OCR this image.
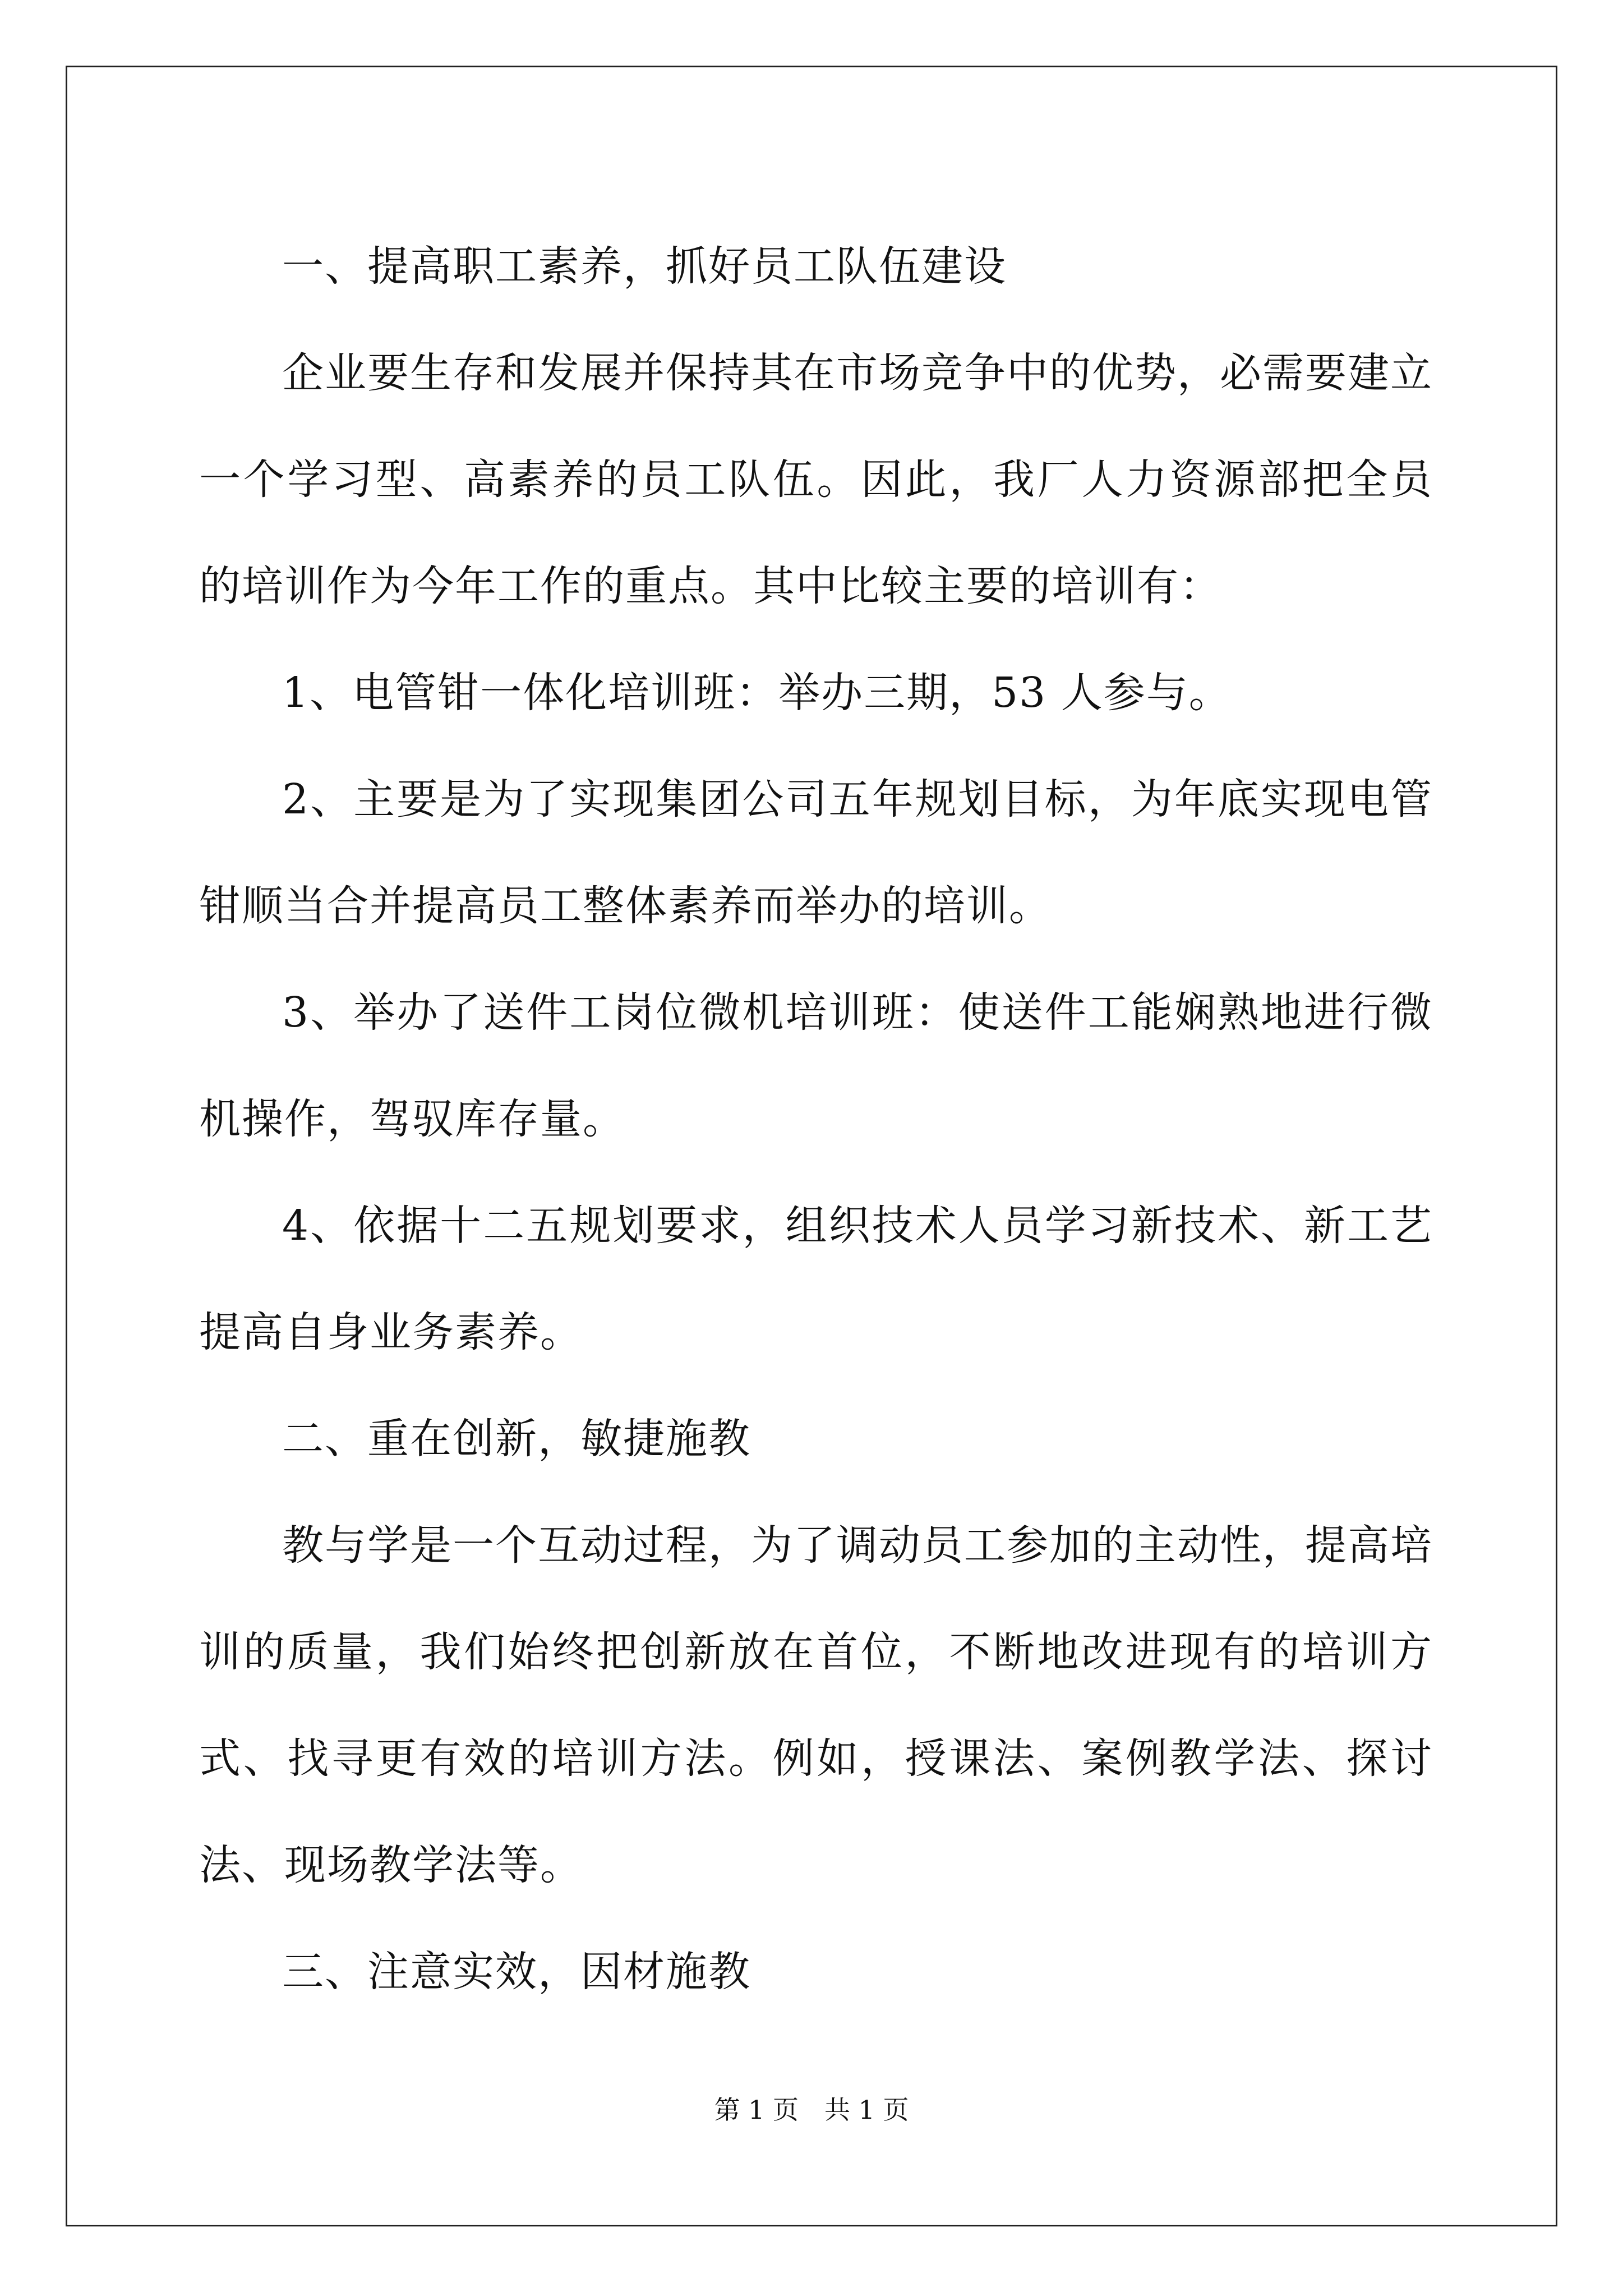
一、提高职工素养，抓好员工队伍建设

企业要生存和发展并保持其在市场竞争中的优势，必需要建立一个学习型、高素养的员工队伍。因此，我厂人力资源部把全员的培训作为今年工作的重点。其中比较主要的培训有：

1、电管钳一体化培训班：举办三期，53 人参与。

2、主要是为了实现集团公司五年规划目标，为年底实现电管钳顺当合并提高员工整体素养而举办的培训。

3、举办了送件工岗位微机培训班：使送件工能娴熟地进行微机操作，驾驭库存量。

4、依据十二五规划要求，组织技术人员学习新技术、新工艺提高自身业务素养。

二、重在创新，敏捷施教

教与学是一个互动过程，为了调动员工参加的主动性，提高培训的质量，我们始终把创新放在首位，不断地改进现有的培训方式、找寻更有效的培训方法。例如，授课法、案例教学法、探讨法、现场教学法等。

三、注意实效，因材施教

第 1 页　共 1 页
